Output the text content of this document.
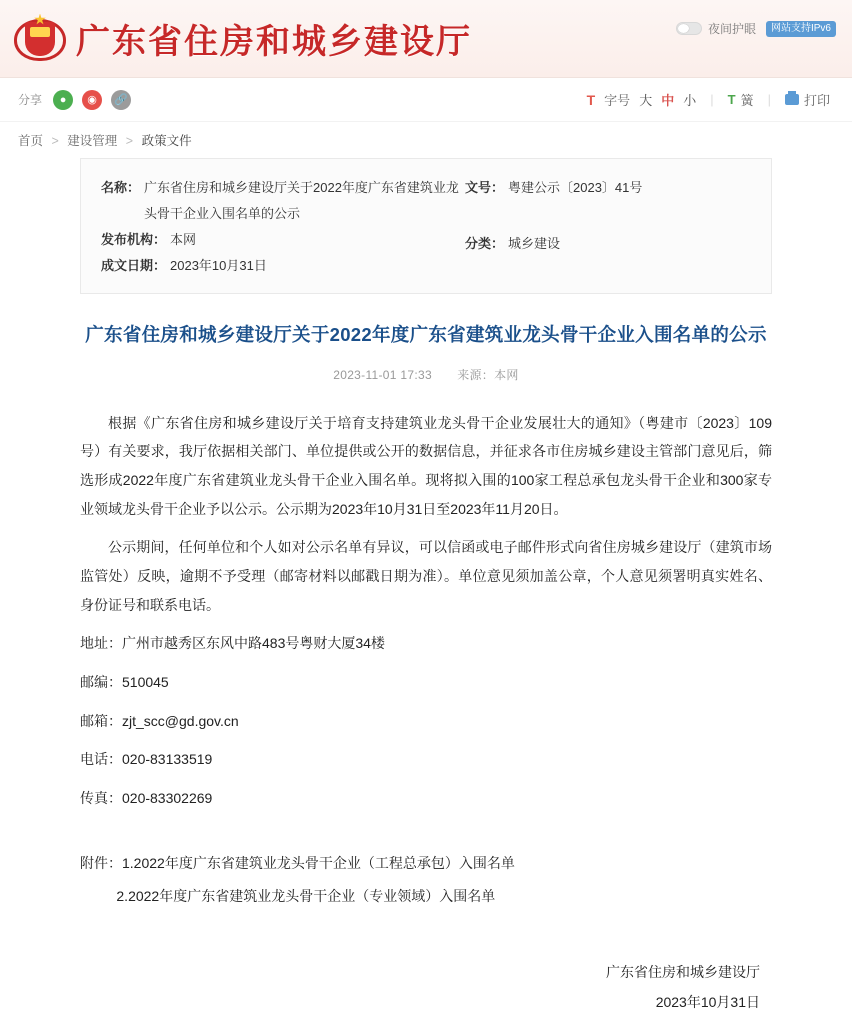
广东省住房和城乡建设厅	夜间护眼	网站支持IPv6
分享	●	◉	🔗	T 字号 大 中 小 | T 簧 |	打印
首页 > 建设管理 > 政策文件
名称： 广东省住房和城乡建设厅关于2022年度广东省建筑业龙头骨干企业入围名单的公示
发布机构： 本网
成文日期： 2023年10月31日
文号： 粤建公示〔2023〕41号
分类： 城乡建设
广东省住房和城乡建设厅关于2022年度广东省建筑业龙头骨干企业入围名单的公示
2023-11-01 17:33 来源：本网

根据《广东省住房和城乡建设厅关于培育支持建筑业龙头骨干企业发展壮大的通知》（粤建市〔2023〕109号）有关要求，我厅依据相关部门、单位提供或公开的数据信息，并征求各市住房城乡建设主管部门意见后，筛选形成2022年度广东省建筑业龙头骨干企业入围名单。现将拟入围的100家工程总承包龙头骨干企业和300家专业领域龙头骨干企业予以公示。公示期为2023年10月31日至2023年11月20日。

公示期间，任何单位和个人如对公示名单有异议，可以信函或电子邮件形式向省住房城乡建设厅（建筑市场监管处）反映，逾期不予受理（邮寄材料以邮戳日期为准）。单位意见须加盖公章，个人意见须署明真实姓名、身份证号和联系电话。

地址：广州市越秀区东风中路483号粤财大厦34楼

邮编：510045

邮箱：zjt_scc@gd.gov.cn

电话：020-83133519

传真：020-83302269

附件：1.2022年度广东省建筑业龙头骨干企业（工程总承包）入围名单

2.2022年度广东省建筑业龙头骨干企业（专业领域）入围名单

广东省住房和城乡建设厅
2023年10月31日
